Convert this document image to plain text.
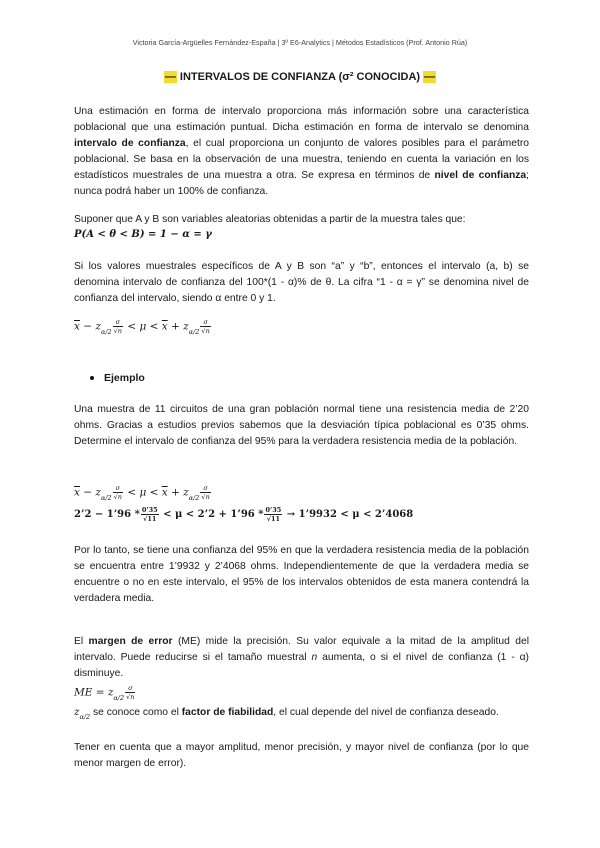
Victoria García-Argüelles Fernández-España | 3º E6-Analytics | Métodos Estadísticos (Prof. Antonio Rúa)
— INTERVALOS DE CONFIANZA (σ² CONOCIDA) —

Una estimación en forma de intervalo proporciona más información sobre una característica poblacional que una estimación puntual. Dicha estimación en forma de intervalo se denomina intervalo de confianza, el cual proporciona un conjunto de valores posibles para el parámetro poblacional. Se basa en la observación de una muestra, teniendo en cuenta la variación en los estadísticos muestrales de una muestra a otra. Se expresa en términos de nivel de confianza; nunca podrá haber un 100% de confianza.

Suponer que A y B son variables aleatorias obtenidas a partir de la muestra tales que:

P(A < θ < B) = 1 − α = γ

Si los valores muestrales específicos de A y B son “a” y “b”, entonces el intervalo (a, b) se denomina intervalo de confianza del 100*(1 - α)% de θ. La cifra “1 - α = γ” se denomina nivel de confianza del intervalo, siendo α entre 0 y 1.

$\overline{x} - z_{\alpha/2} \frac{\sigma}{√n} < \mu < \overline{x} + z_{\alpha/2} \frac{\sigma}{√n}$
Ejemplo

Una muestra de 11 circuitos de una gran población normal tiene una resistencia media de 2’20 ohms. Gracias a estudios previos sabemos que la desviación típica poblacional es 0’35 ohms. Determine el intervalo de confianza del 95% para la verdadera resistencia media de la población.

$\overline{x} - z_{\alpha/2} \frac{\sigma}{√n} < \mu < \overline{x} + z_{\alpha/2} \frac{\sigma}{√n}$
2’2 − 1’96 * $\frac{0’35}{√11} < \mu$ < 2’2 + 1’96 * $\frac{0’35}{√11}$ → 1’9932 < μ < 2’4068

Por lo tanto, se tiene una confianza del 95% en que la verdadera resistencia media de la población se encuentra entre 1’9932 y 2’4068 ohms. Independientemente de que la verdadera media se encuentre o no en este intervalo, el 95% de los intervalos obtenidos de esta manera contendrá la verdadera media.

El margen de error (ME) mide la precisión. Su valor equivale a la mitad de la amplitud del intervalo. Puede reducirse si el tamaño muestral n aumenta, o si el nivel de confianza (1 - α) disminuye.

ME = $z_{\alpha/2} \frac{\sigma}{√n}$

$z_{\alpha/2}$ se conoce como el factor de fiabilidad, el cual depende del nivel de confianza deseado.

Tener en cuenta que a mayor amplitud, menor precisión, y mayor nivel de confianza (por lo que menor margen de error).
